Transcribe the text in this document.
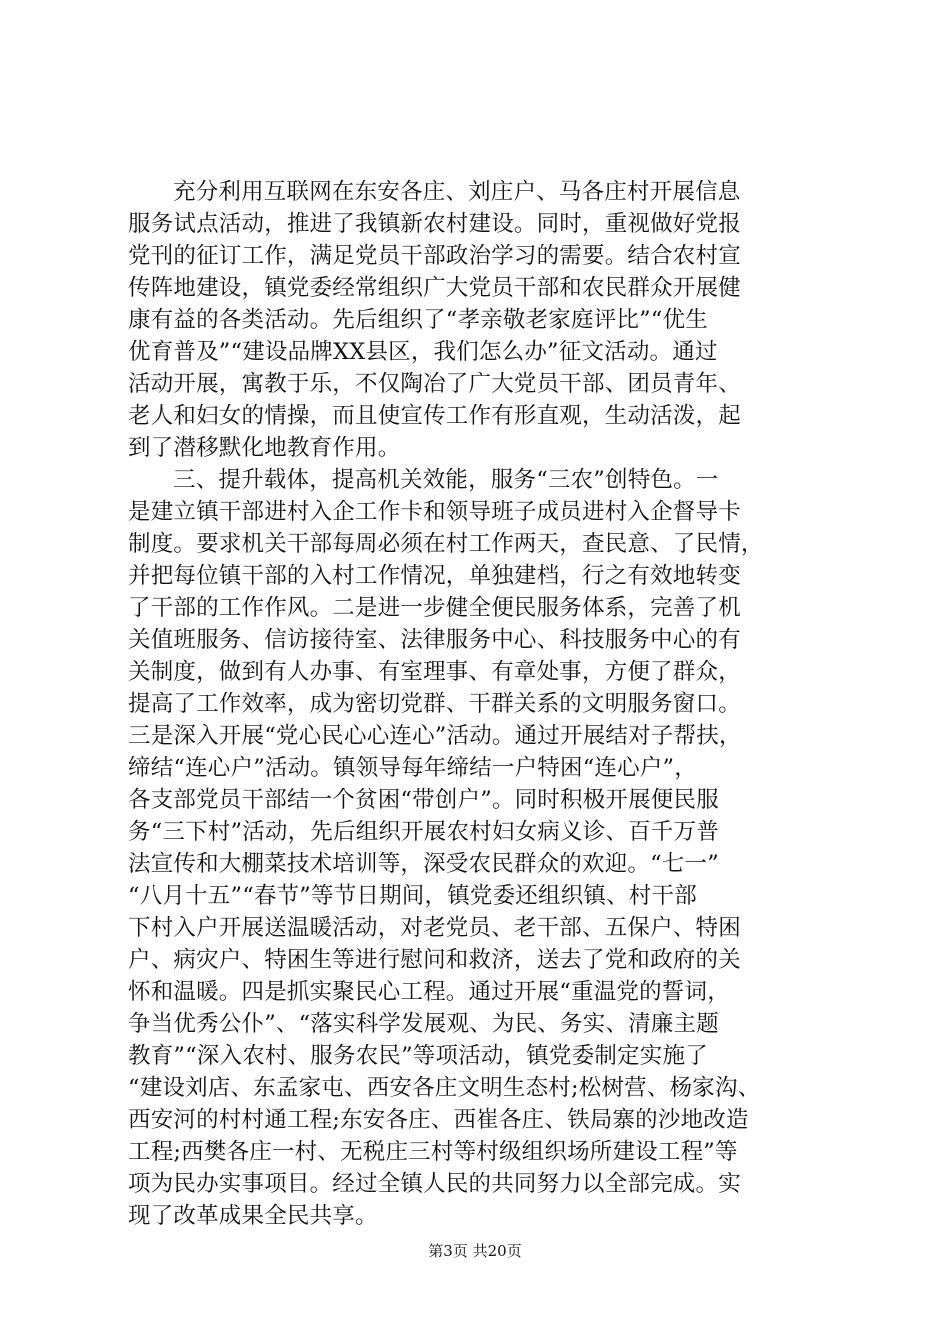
充分利用互联网在东安各庄、刘庄户、马各庄村开展信息
服务试点活动，推进了我镇新农村建设。同时，重视做好党报
党刊的征订工作，满足党员干部政治学习的需要。结合农村宣
传阵地建设，镇党委经常组织广大党员干部和农民群众开展健
康有益的各类活动。先后组织了“孝亲敬老家庭评比”“优生
优育普及”“建设品牌XX县区，我们怎么办”征文活动。通过
活动开展，寓教于乐，不仅陶冶了广大党员干部、团员青年、
老人和妇女的情操，而且使宣传工作有形直观，生动活泼，起
到了潜移默化地教育作用。
三、提升载体，提高机关效能，服务“三农”创特色。一
是建立镇干部进村入企工作卡和领导班子成员进村入企督导卡
制度。要求机关干部每周必须在村工作两天，查民意、了民情，
并把每位镇干部的入村工作情况，单独建档，行之有效地转变
了干部的工作作风。二是进一步健全便民服务体系，完善了机
关值班服务、信访接待室、法律服务中心、科技服务中心的有
关制度，做到有人办事、有室理事、有章处事，方便了群众，
提高了工作效率，成为密切党群、干群关系的文明服务窗口。
三是深入开展“党心民心心连心”活动。通过开展结对子帮扶，
缔结“连心户”活动。镇领导每年缔结一户特困“连心户”，
各支部党员干部结一个贫困“带创户”。同时积极开展便民服
务“三下村”活动，先后组织开展农村妇女病义诊、百千万普
法宣传和大棚菜技术培训等，深受农民群众的欢迎。“七一”
“八月十五”“春节”等节日期间，镇党委还组织镇、村干部
下村入户开展送温暖活动，对老党员、老干部、五保户、特困
户、病灾户、特困生等进行慰问和救济，送去了党和政府的关
怀和温暖。四是抓实聚民心工程。通过开展“重温党的誓词，
争当优秀公仆”、“落实科学发展观、为民、务实、清廉主题
教育”“深入农村、服务农民”等项活动，镇党委制定实施了
“建设刘店、东孟家屯、西安各庄文明生态村;松树营、杨家沟、
西安河的村村通工程;东安各庄、西崔各庄、铁局寨的沙地改造
工程;西樊各庄一村、无税庄三村等村级组织场所建设工程”等
项为民办实事项目。经过全镇人民的共同努力以全部完成。实
现了改革成果全民共享。
第3页 共20页
